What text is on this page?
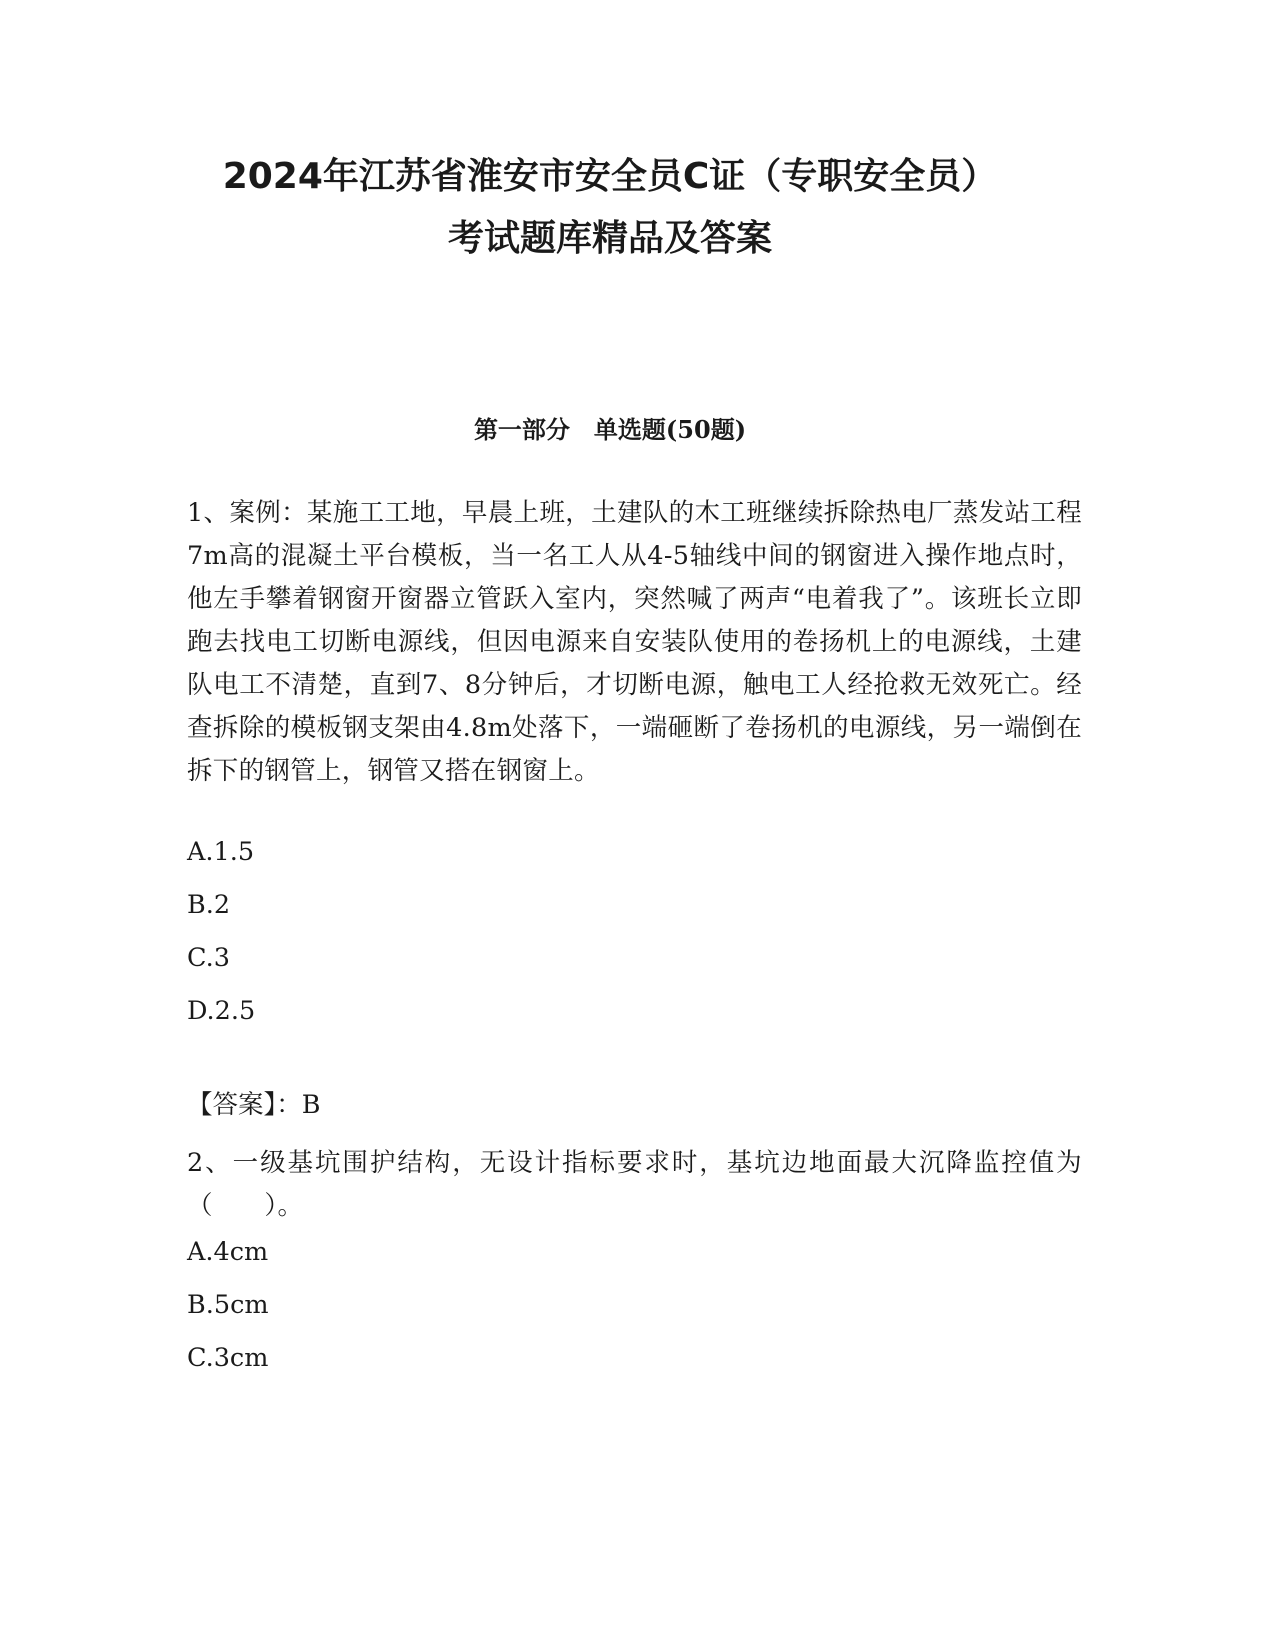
2024年江苏省淮安市安全员C证（专职安全员）
考试题库精品及答案
第一部分　单选题(50题)

1、案例：某施工工地，早晨上班，土建队的木工班继续拆除热电厂蒸发站工程7m高的混凝土平台模板，当一名工人从4-5轴线中间的钢窗进入操作地点时，他左手攀着钢窗开窗器立管跃入室内，突然喊了两声“电着我了”。该班长立即跑去找电工切断电源线，但因电源来自安装队使用的卷扬机上的电源线，土建队电工不清楚，直到7、8分钟后，才切断电源，触电工人经抢救无效死亡。经查拆除的模板钢支架由4.8m处落下，一端砸断了卷扬机的电源线，另一端倒在拆下的钢管上，钢管又搭在钢窗上。

A.1.5

B.2

C.3

D.2.5

【答案】：B

2、一级基坑围护结构，无设计指标要求时，基坑边地面最大沉降监控值为（　　）。

A.4cm

B.5cm

C.3cm
